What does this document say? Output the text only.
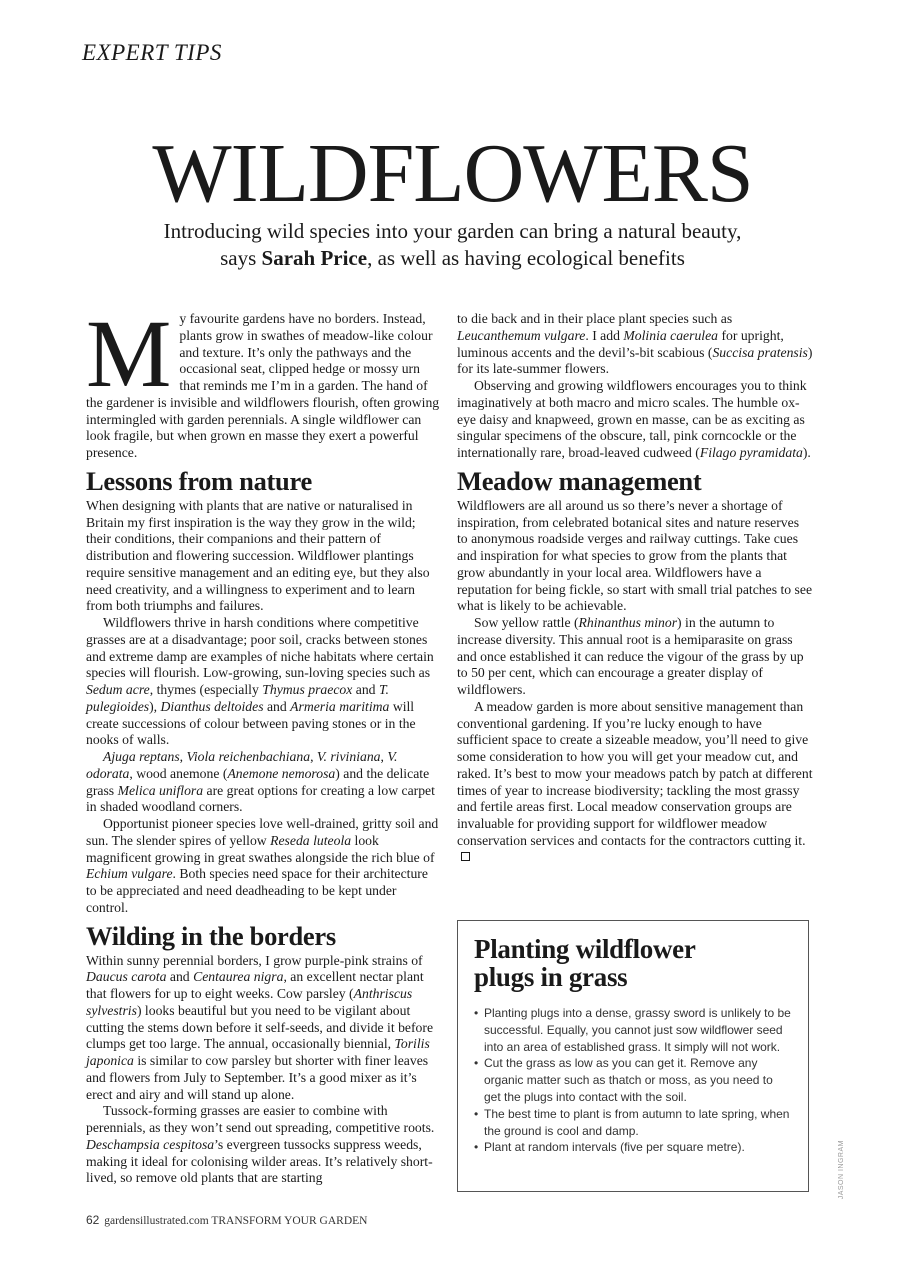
EXPERT TIPS
WILDFLOWERS
Introducing wild species into your garden can bring a natural beauty,
says Sarah Price, as well as having ecological benefits

My favourite gardens have no borders. Instead, plants grow in swathes of meadow-like colour and texture. It’s only the pathways and the occasional seat, clipped hedge or mossy urn that reminds me I’m in a garden. The hand of the gardener is invisible and wildflowers flourish, often growing intermingled with garden perennials. A single wildflower can look fragile, but when grown en masse they exert a powerful presence.

Lessons from nature

When designing with plants that are native or naturalised in Britain my first inspiration is the way they grow in the wild; their conditions, their companions and their pattern of distribution and flowering succession. Wildflower plantings require sensitive management and an editing eye, but they also need creativity, and a willingness to experiment and to learn from both triumphs and failures.

Wildflowers thrive in harsh conditions where competitive grasses are at a disadvantage; poor soil, cracks between stones and extreme damp are examples of niche habitats where certain species will flourish. Low-growing, sun-loving species such as Sedum acre, thymes (especially Thymus praecox and T. pulegioides), Dianthus deltoides and Armeria maritima will create successions of colour between paving stones or in the nooks of walls.

Ajuga reptans, Viola reichenbachiana, V. riviniana, V. odorata, wood anemone (Anemone nemorosa) and the delicate grass Melica uniflora are great options for creating a low carpet in shaded woodland corners.

Opportunist pioneer species love well-drained, gritty soil and sun. The slender spires of yellow Reseda luteola look magnificent growing in great swathes alongside the rich blue of Echium vulgare. Both species need space for their architecture to be appreciated and need deadheading to be kept under control.

Wilding in the borders

Within sunny perennial borders, I grow purple-pink strains of Daucus carota and Centaurea nigra, an excellent nectar plant that flowers for up to eight weeks. Cow parsley (Anthriscus sylvestris) looks beautiful but you need to be vigilant about cutting the stems down before it self-seeds, and divide it before clumps get too large. The annual, occasionally biennial, Torilis japonica is similar to cow parsley but shorter with finer leaves and flowers from July to September. It’s a good mixer as it’s erect and airy and will stand up alone.

Tussock-forming grasses are easier to combine with perennials, as they won’t send out spreading, competitive roots. Deschampsia cespitosa’s evergreen tussocks suppress weeds, making it ideal for colonising wilder areas. It’s relatively short-lived, so remove old plants that are starting

to die back and in their place plant species such as Leucanthemum vulgare. I add Molinia caerulea for upright, luminous accents and the devil’s-bit scabious (Succisa pratensis) for its late-summer flowers.

Observing and growing wildflowers encourages you to think imaginatively at both macro and micro scales. The humble ox-eye daisy and knapweed, grown en masse, can be as exciting as singular specimens of the obscure, tall, pink corncockle or the internationally rare, broad-leaved cudweed (Filago pyramidata).

Meadow management

Wildflowers are all around us so there’s never a shortage of inspiration, from celebrated botanical sites and nature reserves to anonymous roadside verges and railway cuttings. Take cues and inspiration for what species to grow from the plants that grow abundantly in your local area. Wildflowers have a reputation for being fickle, so start with small trial patches to see what is likely to be achievable.

Sow yellow rattle (Rhinanthus minor) in the autumn to increase diversity. This annual root is a hemiparasite on grass and once established it can reduce the vigour of the grass by up to 50 per cent, which can encourage a greater display of wildflowers.

A meadow garden is more about sensitive management than conventional gardening. If you’re lucky enough to have sufficient space to create a sizeable meadow, you’ll need to give some consideration to how you will get your meadow cut, and raked. It’s best to mow your meadows patch by patch at different times of year to increase biodiversity; tackling the most grassy and fertile areas first. Local meadow conservation groups are invaluable for providing support for wildflower meadow conservation services and contacts for the contractors cutting it.

Planting wildflower
plugs in grass
• Planting plugs into a dense, grassy sword is unlikely to be successful. Equally, you cannot just sow wildflower seed into an area of established grass. It simply will not work.
• Cut the grass as low as you can get it. Remove any organic matter such as thatch or moss, as you need to get the plugs into contact with the soil.
• The best time to plant is from autumn to late spring, when the ground is cool and damp.
• Plant at random intervals (five per square metre).	JASON INGRAM
62 gardensillustrated.com TRANSFORM YOUR GARDEN
